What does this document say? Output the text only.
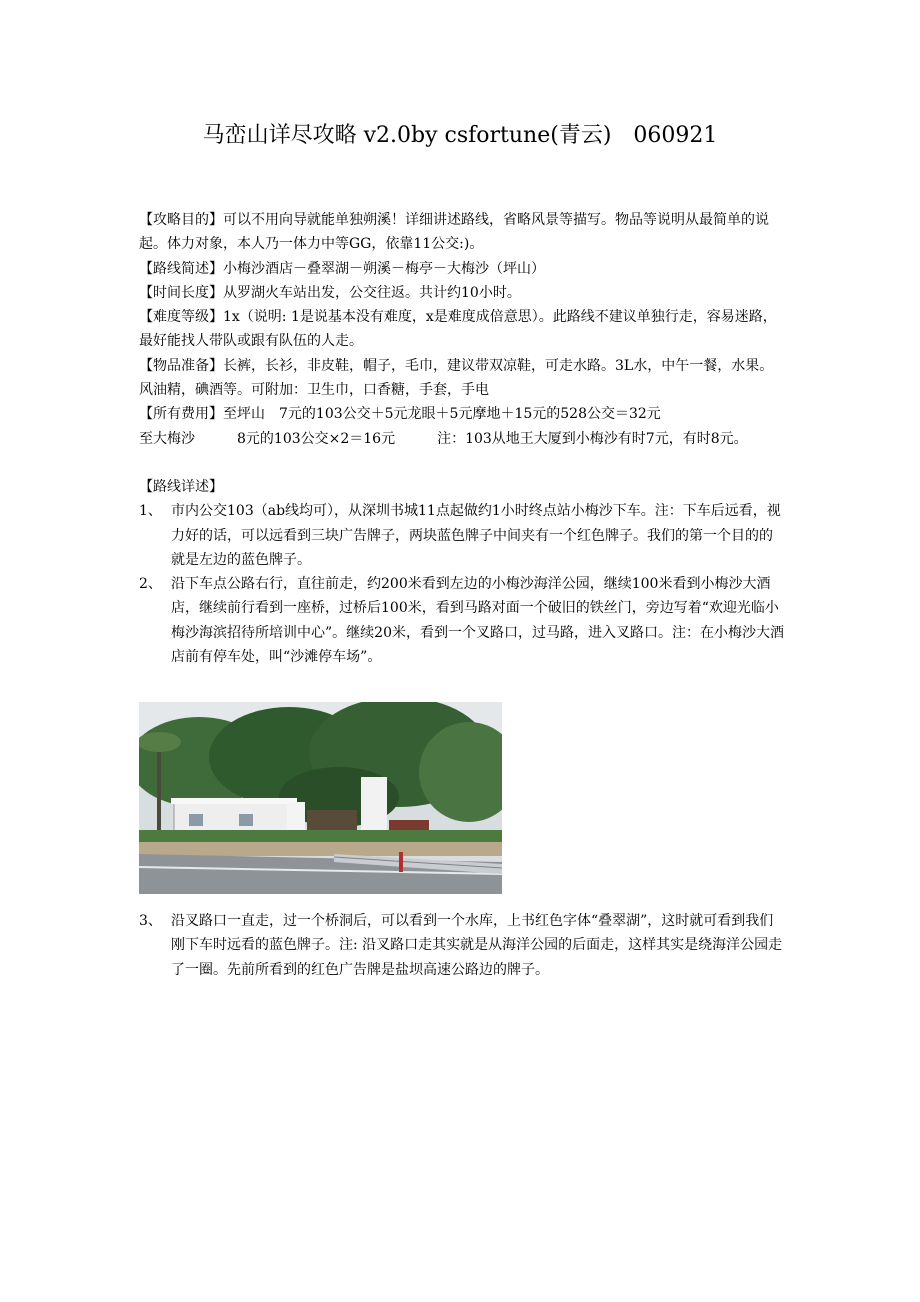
马峦山详尽攻略 v2.0by csfortune(青云)　060921

【攻略目的】可以不用向导就能单独朔溪！详细讲述路线，省略风景等描写。物品等说明从最简单的说起。体力对象，本人乃一体力中等GG，依靠11公交:)。

【路线简述】小梅沙酒店－叠翠湖－朔溪－梅亭－大梅沙（坪山）

【时间长度】从罗湖火车站出发，公交往返。共计约10小时。

【难度等级】1x（说明: 1是说基本没有难度，x是难度成倍意思）。此路线不建议单独行走，容易迷路，最好能找人带队或跟有队伍的人走。

【物品准备】长裤，长衫，非皮鞋，帽子，毛巾，建议带双凉鞋，可走水路。3L水，中午一餐，水果。风油精，碘酒等。可附加：卫生巾，口香糖，手套，手电

【所有费用】至坪山　7元的103公交＋5元龙眼＋5元摩地＋15元的528公交＝32元

至大梅沙　　　8元的103公交×2＝16元　　　注：103从地王大厦到小梅沙有时7元，有时8元。

【路线详述】

1、 市内公交103（ab线均可），从深圳书城11点起做约1小时终点站小梅沙下车。注：下车后远看，视力好的话，可以远看到三块广告牌子，两块蓝色牌子中间夹有一个红色牌子。我们的第一个目的的就是左边的蓝色牌子。
2、 沿下车点公路右行，直往前走，约200米看到左边的小梅沙海洋公园，继续100米看到小梅沙大酒店，继续前行看到一座桥，过桥后100米，看到马路对面一个破旧的铁丝门，旁边写着“欢迎光临小梅沙海滨招待所培训中心”。继续20米，看到一个叉路口，过马路，进入叉路口。注：在小梅沙大酒店前有停车处，叫“沙滩停车场”。
3、 沿叉路口一直走，过一个桥洞后，可以看到一个水库，上书红色字体“叠翠湖”，这时就可看到我们刚下车时远看的蓝色牌子。注: 沿叉路口走其实就是从海洋公园的后面走，这样其实是绕海洋公园走了一圈。先前所看到的红色广告牌是盐坝高速公路边的牌子。
